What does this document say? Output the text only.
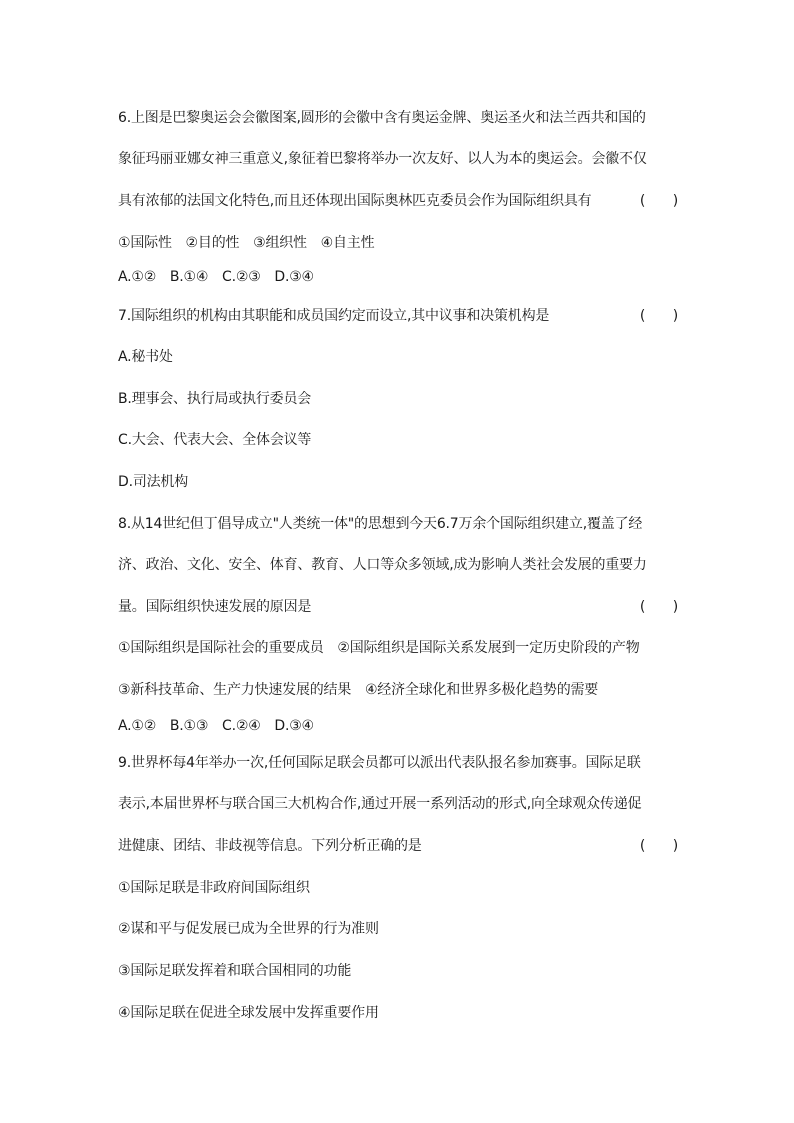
6.上图是巴黎奥运会会徽图案,圆形的会徽中含有奥运金牌、奥运圣火和法兰西共和国的
象征玛丽亚娜女神三重意义,象征着巴黎将举办一次友好、以人为本的奥运会。会徽不仅
具有浓郁的法国文化特色,而且还体现出国际奥林匹克委员会作为国际组织具有	(　　)
①国际性　②目的性　③组织性　④自主性
A.①②　B.①④　C.②③　D.③④
7.国际组织的机构由其职能和成员国约定而设立,其中议事和决策机构是	(　　)
A.秘书处
B.理事会、执行局或执行委员会
C.大会、代表大会、全体会议等
D.司法机构
8.从14世纪但丁倡导成立"人类统一体"的思想到今天6.7万余个国际组织建立,覆盖了经
济、政治、文化、安全、体育、教育、人口等众多领域,成为影响人类社会发展的重要力
量。国际组织快速发展的原因是	(　　)
①国际组织是国际社会的重要成员　②国际组织是国际关系发展到一定历史阶段的产物
③新科技革命、生产力快速发展的结果　④经济全球化和世界多极化趋势的需要
A.①②　B.①③　C.②④　D.③④
9.世界杯每4年举办一次,任何国际足联会员都可以派出代表队报名参加赛事。国际足联
表示,本届世界杯与联合国三大机构合作,通过开展一系列活动的形式,向全球观众传递促
进健康、团结、非歧视等信息。下列分析正确的是	(　　)
①国际足联是非政府间国际组织
②谋和平与促发展已成为全世界的行为准则
③国际足联发挥着和联合国相同的功能
④国际足联在促进全球发展中发挥重要作用
